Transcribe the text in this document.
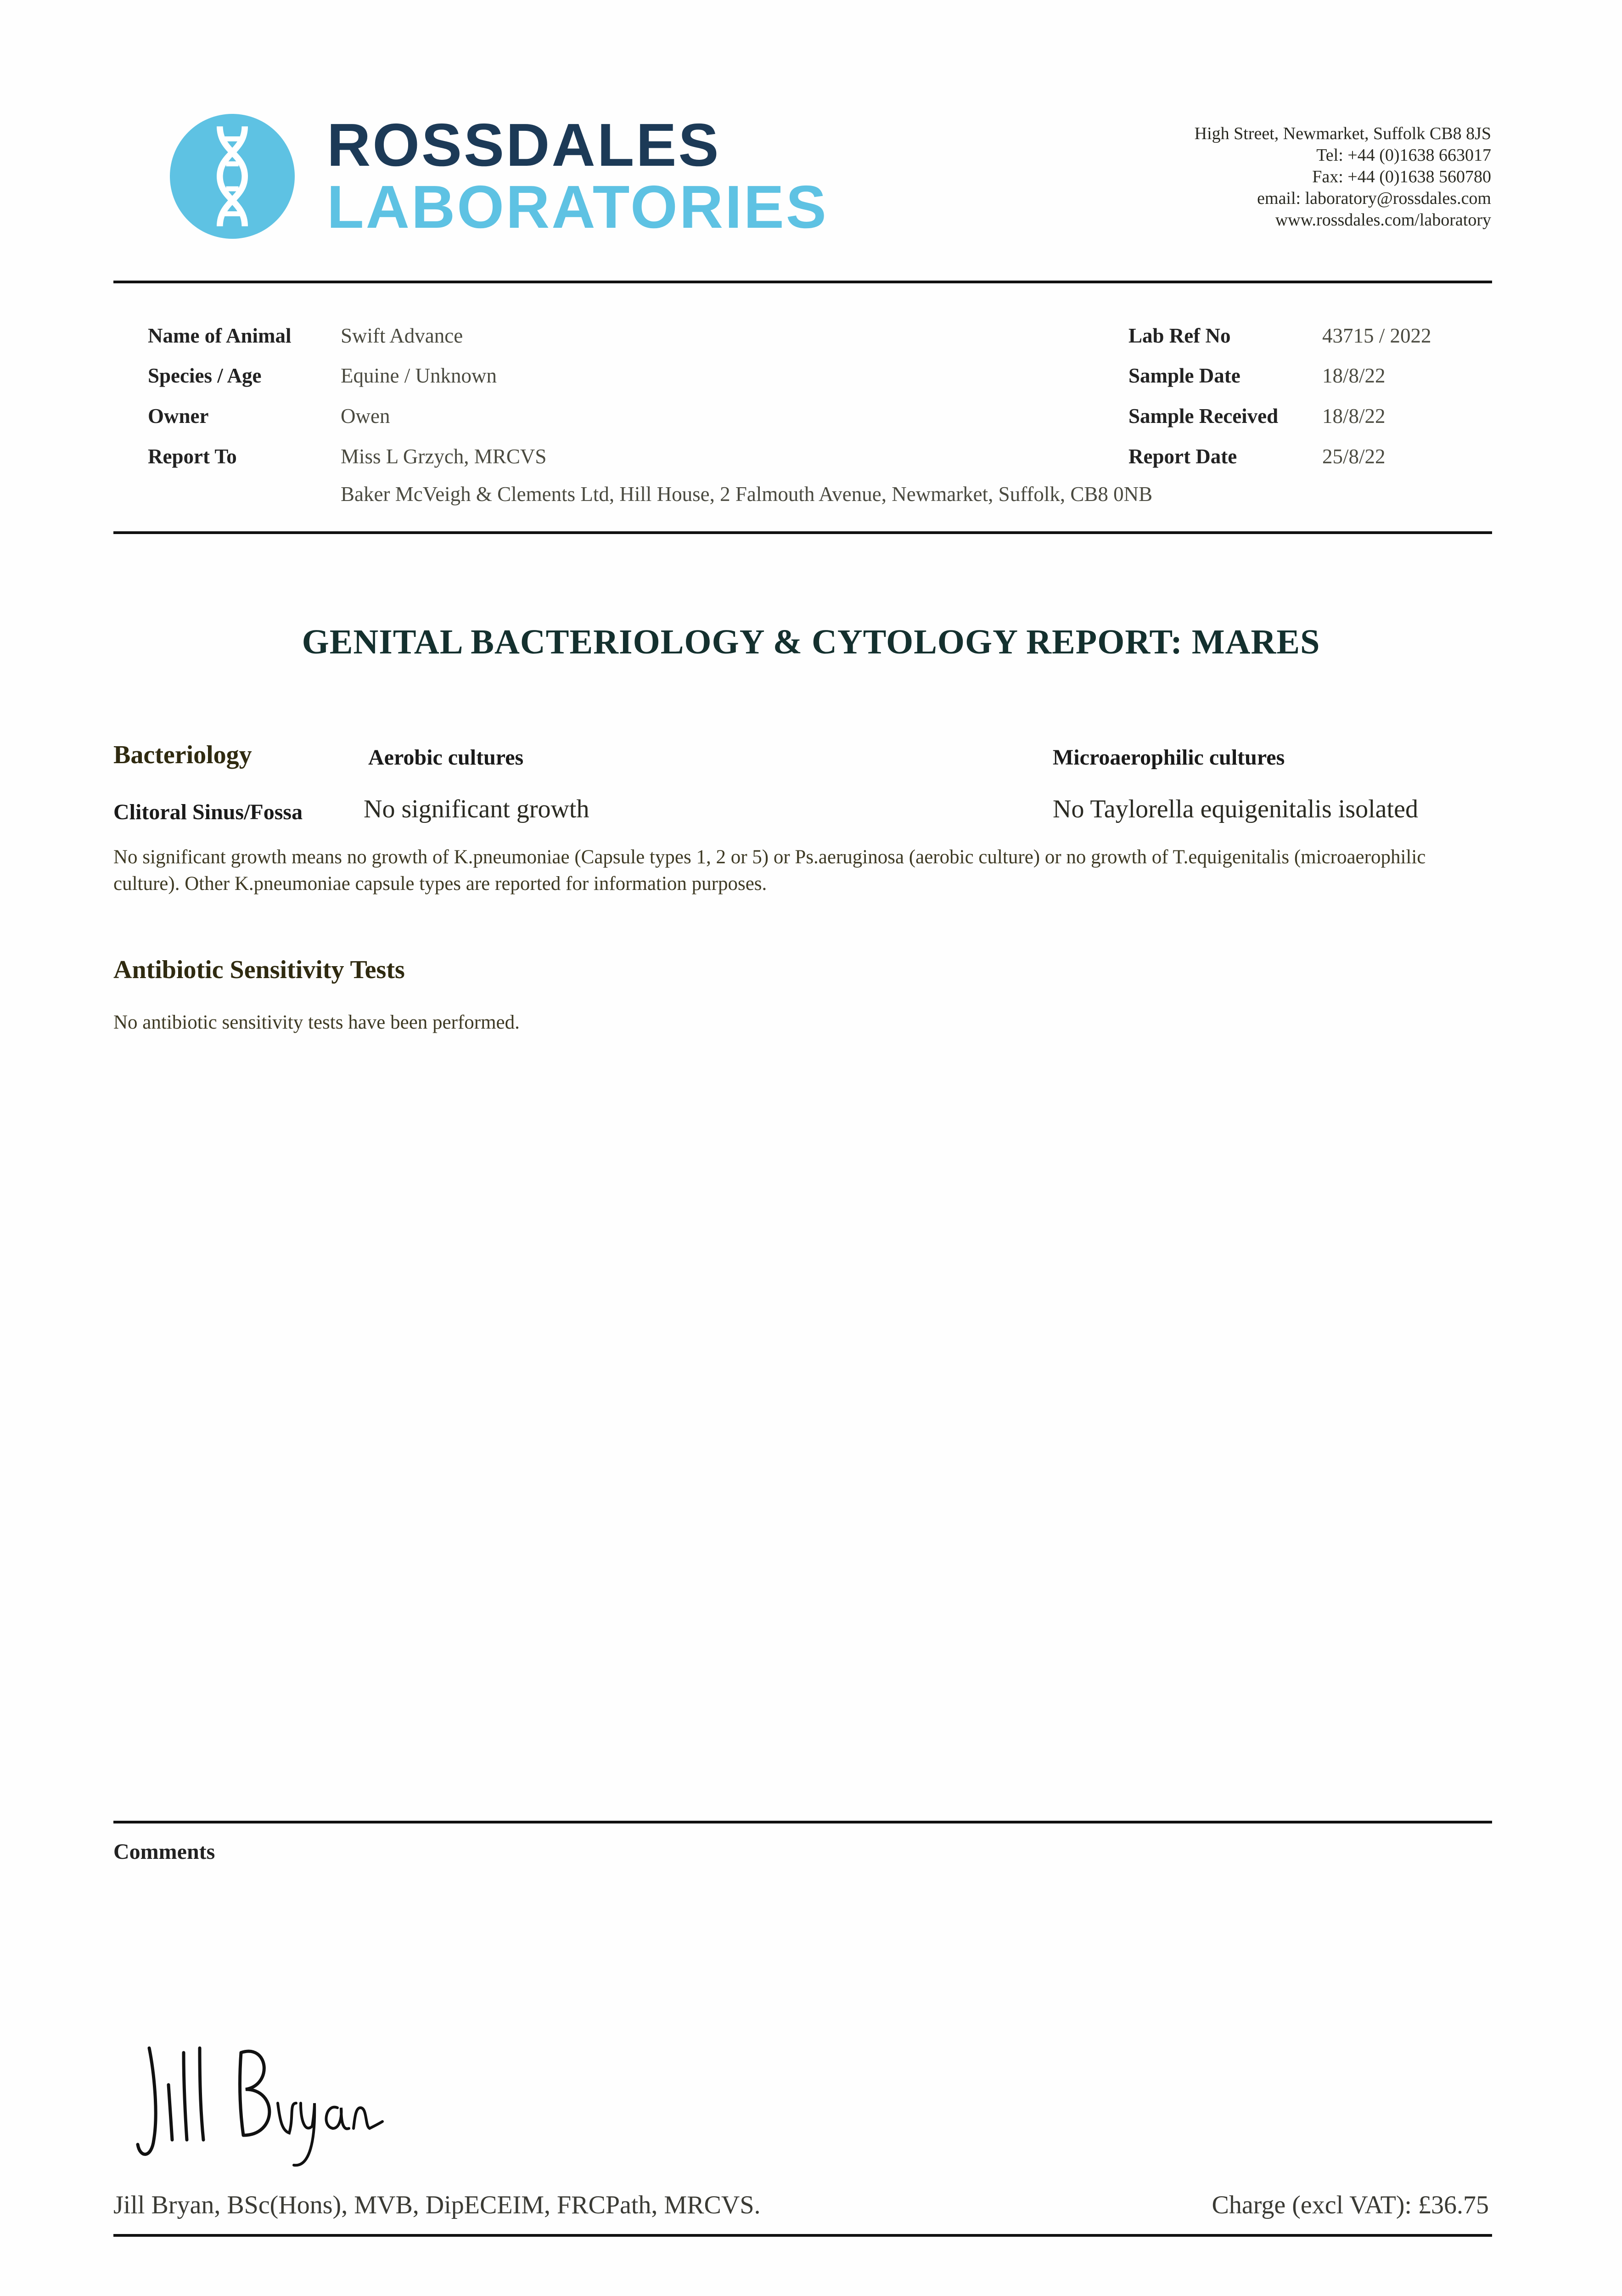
ROSSDALES
LABORATORIES
High Street, Newmarket, Suffolk CB8 8JS
Tel: +44 (0)1638 663017
Fax: +44 (0)1638 560780
email: laboratory@rossdales.com
www.rossdales.com/laboratory
Name of Animal Swift Advance
Species / Age	Equine / Unknown
Owner	Owen
Report To	Miss L Grzych, MRCVS
Baker McVeigh & Clements Ltd, Hill House, 2 Falmouth Avenue, Newmarket, Suffolk, CB8 0NB
Lab Ref No	43715 / 2022
Sample Date	18/8/22
Sample Received 18/8/22
Report Date	25/8/22
GENITAL BACTERIOLOGY & CYTOLOGY REPORT: MARES
Bacteriology	Aerobic cultures	Microaerophilic cultures
Clitoral Sinus/Fossa No significant growth	No Taylorella equigenitalis isolated
No significant growth means no growth of K.pneumoniae (Capsule types 1, 2 or 5) or Ps.aeruginosa (aerobic culture) or no growth of T.equigenitalis (microaerophilic culture). Other K.pneumoniae capsule types are reported for information purposes.
Antibiotic Sensitivity Tests
No antibiotic sensitivity tests have been performed.
Comments
Jill Bryan, BSc(Hons), MVB, DipECEIM, FRCPath, MRCVS.	Charge (excl VAT): £36.75
